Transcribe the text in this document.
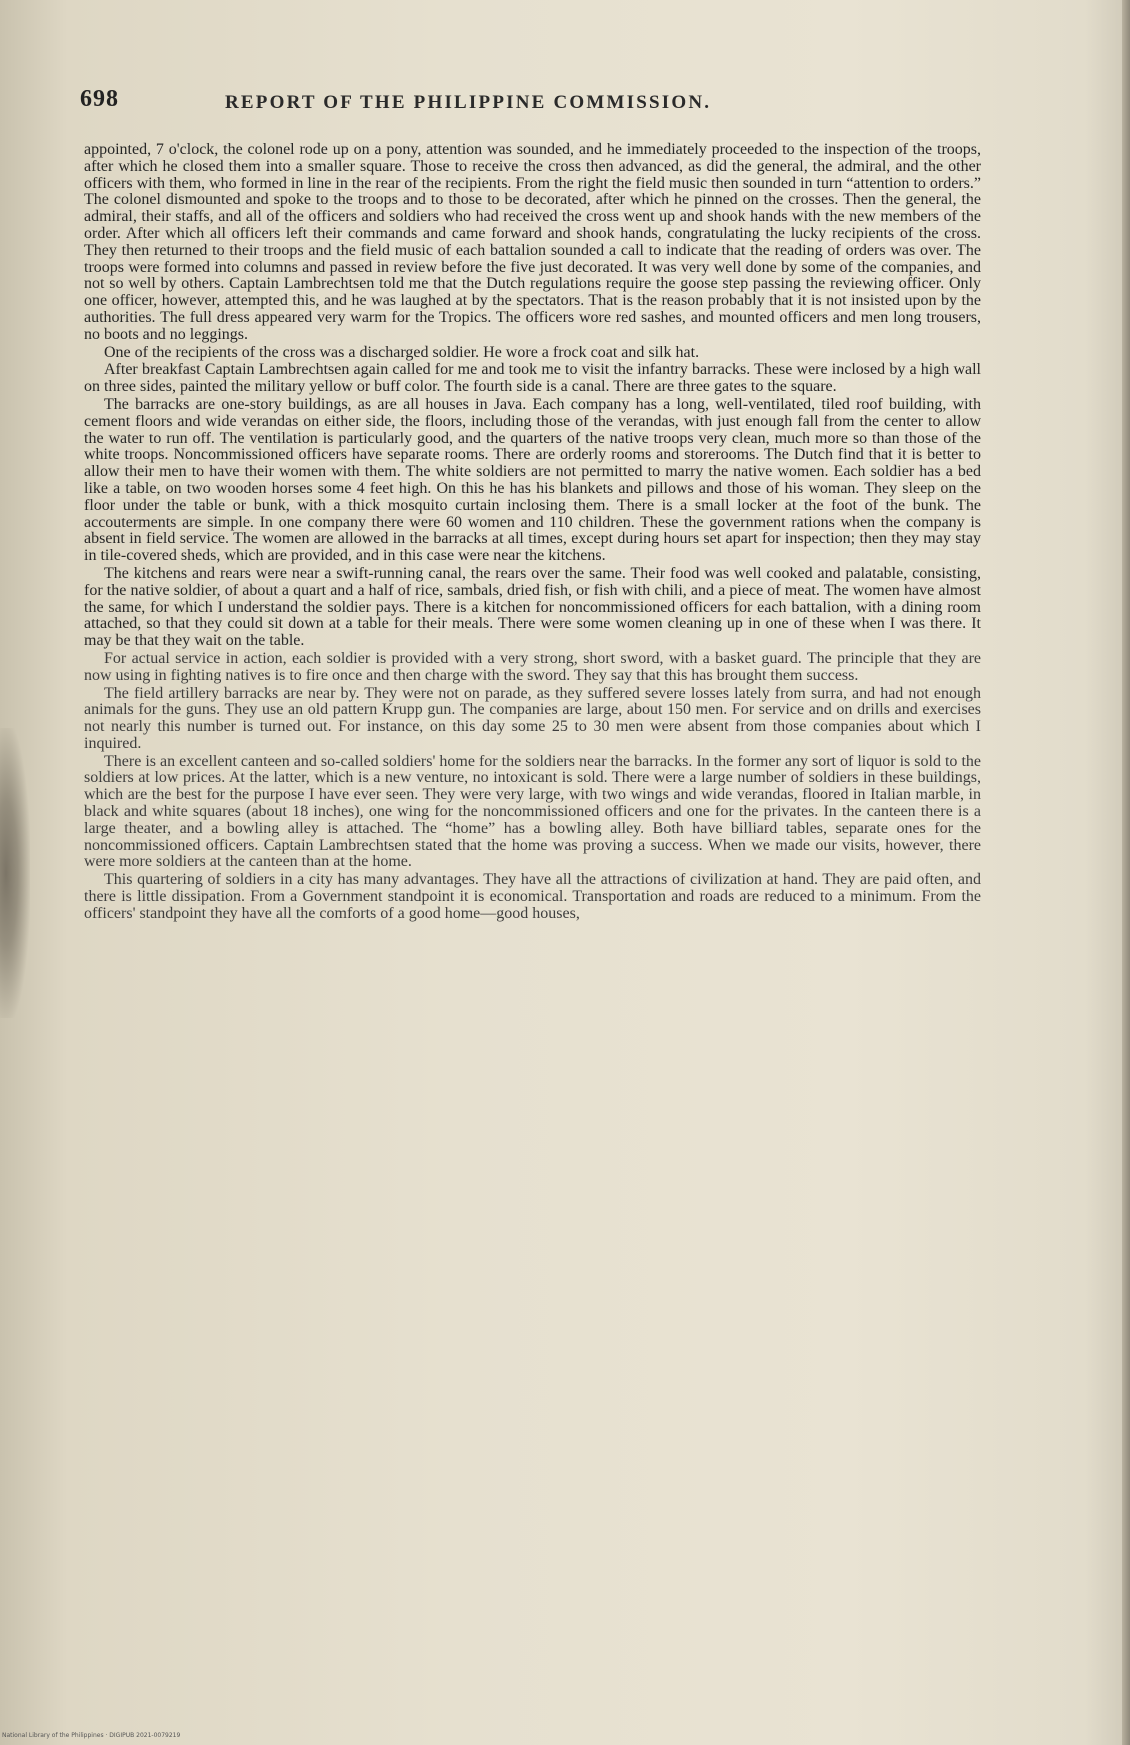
698	REPORT OF THE PHILIPPINE COMMISSION.

appointed, 7 o'clock, the colonel rode up on a pony, attention was sounded, and he immediately proceeded to the inspection of the troops, after which he closed them into a smaller square. Those to receive the cross then advanced, as did the general, the admiral, and the other officers with them, who formed in line in the rear of the recipients. From the right the field music then sounded in turn “attention to orders.” The colonel dismounted and spoke to the troops and to those to be decorated, after which he pinned on the crosses. Then the general, the admiral, their staffs, and all of the officers and soldiers who had received the cross went up and shook hands with the new members of the order. After which all officers left their commands and came forward and shook hands, congratulating the lucky recipients of the cross. They then returned to their troops and the field music of each battalion sounded a call to indicate that the reading of orders was over. The troops were formed into columns and passed in review before the five just decorated. It was very well done by some of the companies, and not so well by others. Captain Lambrechtsen told me that the Dutch regulations require the goose step passing the reviewing officer. Only one officer, however, attempted this, and he was laughed at by the spectators. That is the reason probably that it is not insisted upon by the authorities. The full dress appeared very warm for the Tropics. The officers wore red sashes, and mounted officers and men long trousers, no boots and no leggings.

One of the recipients of the cross was a discharged soldier. He wore a frock coat and silk hat.

After breakfast Captain Lambrechtsen again called for me and took me to visit the infantry barracks. These were inclosed by a high wall on three sides, painted the military yellow or buff color. The fourth side is a canal. There are three gates to the square.

The barracks are one-story buildings, as are all houses in Java. Each company has a long, well-ventilated, tiled roof building, with cement floors and wide verandas on either side, the floors, including those of the verandas, with just enough fall from the center to allow the water to run off. The ventilation is particularly good, and the quarters of the native troops very clean, much more so than those of the white troops. Noncommissioned officers have separate rooms. There are orderly rooms and storerooms. The Dutch find that it is better to allow their men to have their women with them. The white soldiers are not permitted to marry the native women. Each soldier has a bed like a table, on two wooden horses some 4 feet high. On this he has his blankets and pillows and those of his woman. They sleep on the floor under the table or bunk, with a thick mosquito curtain inclosing them. There is a small locker at the foot of the bunk. The accouterments are simple. In one company there were 60 women and 110 children. These the government rations when the company is absent in field service. The women are allowed in the barracks at all times, except during hours set apart for inspection; then they may stay in tile-covered sheds, which are provided, and in this case were near the kitchens.

The kitchens and rears were near a swift-running canal, the rears over the same. Their food was well cooked and palatable, consisting, for the native soldier, of about a quart and a half of rice, sambals, dried fish, or fish with chili, and a piece of meat. The women have almost the same, for which I understand the soldier pays. There is a kitchen for noncommissioned officers for each battalion, with a dining room attached, so that they could sit down at a table for their meals. There were some women cleaning up in one of these when I was there. It may be that they wait on the table.

For actual service in action, each soldier is provided with a very strong, short sword, with a basket guard. The principle that they are now using in fighting natives is to fire once and then charge with the sword. They say that this has brought them success.

The field artillery barracks are near by. They were not on parade, as they suffered severe losses lately from surra, and had not enough animals for the guns. They use an old pattern Krupp gun. The companies are large, about 150 men. For service and on drills and exercises not nearly this number is turned out. For instance, on this day some 25 to 30 men were absent from those companies about which I inquired.

There is an excellent canteen and so-called soldiers' home for the soldiers near the barracks. In the former any sort of liquor is sold to the soldiers at low prices. At the latter, which is a new venture, no intoxicant is sold. There were a large number of soldiers in these buildings, which are the best for the purpose I have ever seen. They were very large, with two wings and wide verandas, floored in Italian marble, in black and white squares (about 18 inches), one wing for the noncommissioned officers and one for the privates. In the canteen there is a large theater, and a bowling alley is attached. The “home” has a bowling alley. Both have billiard tables, separate ones for the noncommissioned officers. Captain Lambrechtsen stated that the home was proving a success. When we made our visits, however, there were more soldiers at the canteen than at the home.

This quartering of soldiers in a city has many advantages. They have all the attractions of civilization at hand. They are paid often, and there is little dissipation. From a Government standpoint it is economical. Transportation and roads are reduced to a minimum. From the officers' standpoint they have all the comforts of a good home—good houses,

National Library of the Philippines · DIGIPUB 2021-0079219
